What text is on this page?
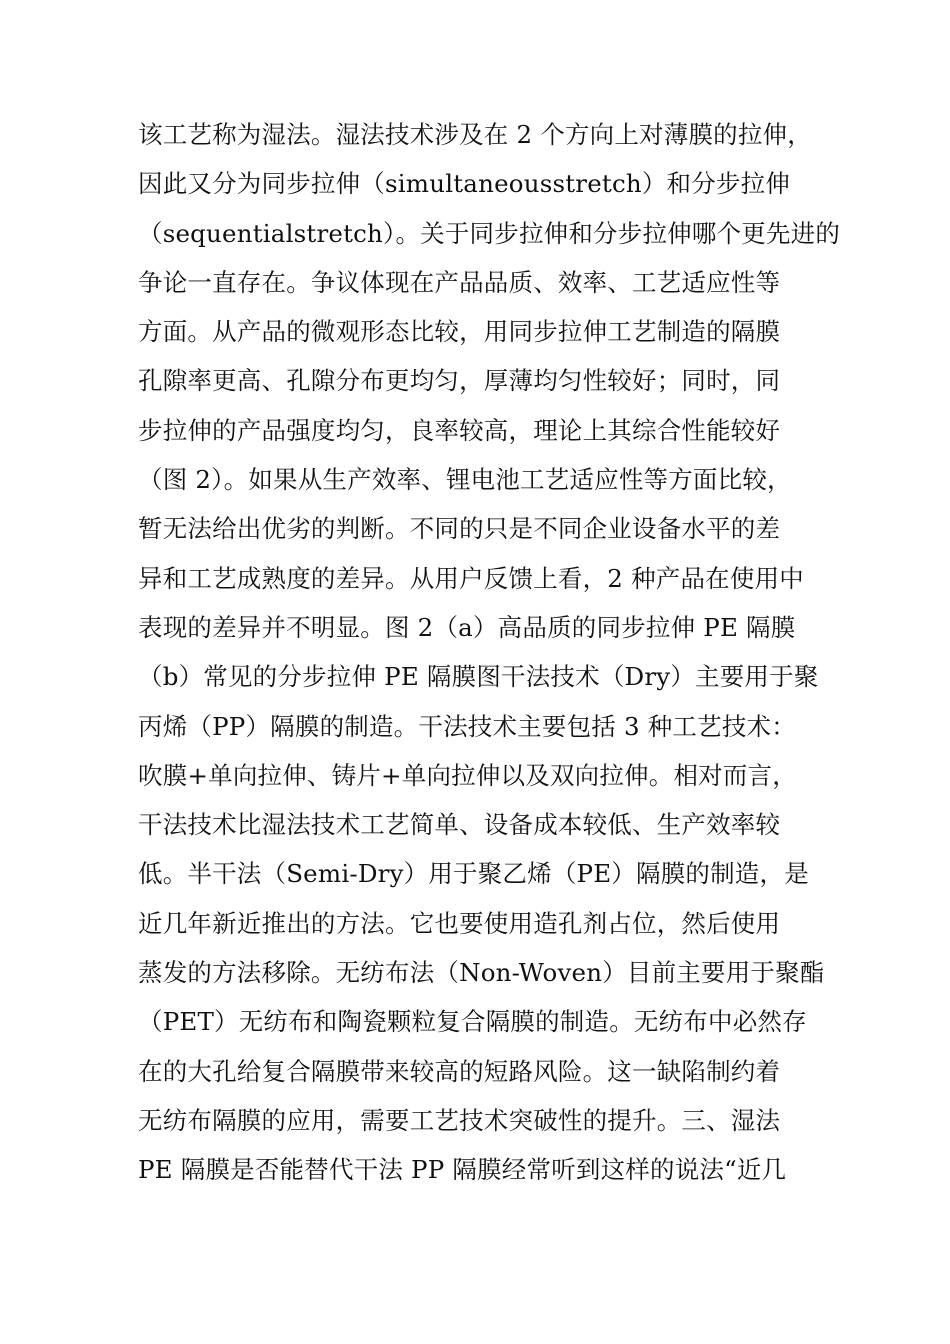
该工艺称为湿法。湿法技术涉及在 2 个方向上对薄膜的拉伸，
因此又分为同步拉伸（simultaneousstretch）和分步拉伸
（sequentialstretch）。关于同步拉伸和分步拉伸哪个更先进的
争论一直存在。争议体现在产品品质、效率、工艺适应性等
方面。从产品的微观形态比较，用同步拉伸工艺制造的隔膜
孔隙率更高、孔隙分布更均匀，厚薄均匀性较好；同时，同
步拉伸的产品强度均匀，良率较高，理论上其综合性能较好
（图 2）。如果从生产效率、锂电池工艺适应性等方面比较，
暂无法给出优劣的判断。不同的只是不同企业设备水平的差
异和工艺成熟度的差异。从用户反馈上看，2 种产品在使用中
表现的差异并不明显。图 2（a）高品质的同步拉伸 PE 隔膜
（b）常见的分步拉伸 PE 隔膜图干法技术（Dry）主要用于聚
丙烯（PP）隔膜的制造。干法技术主要包括 3 种工艺技术：
吹膜+单向拉伸、铸片+单向拉伸以及双向拉伸。相对而言，
干法技术比湿法技术工艺简单、设备成本较低、生产效率较
低。半干法（Semi-Dry）用于聚乙烯（PE）隔膜的制造，是
近几年新近推出的方法。它也要使用造孔剂占位，然后使用
蒸发的方法移除。无纺布法（Non-Woven）目前主要用于聚酯
（PET）无纺布和陶瓷颗粒复合隔膜的制造。无纺布中必然存
在的大孔给复合隔膜带来较高的短路风险。这一缺陷制约着
无纺布隔膜的应用，需要工艺技术突破性的提升。三、湿法
PE 隔膜是否能替代干法 PP 隔膜经常听到这样的说法“近几
